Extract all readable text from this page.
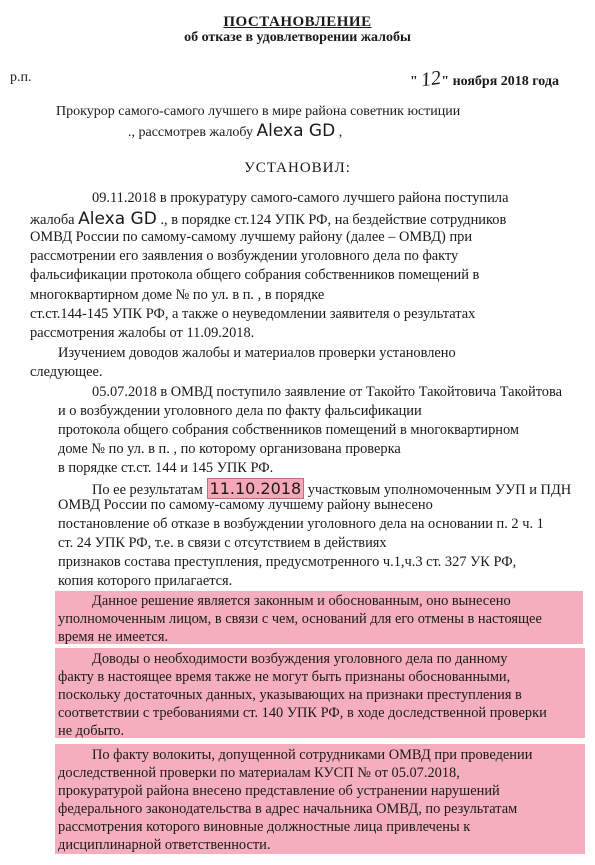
ПОСТАНОВЛЕНИЕ
об отказе в удовлетворении жалобы
р.п.	" 12" ноября 2018 года
Прокурор самого-самого лучшего в мире района советник юстиции
., рассмотрев жалобу Alexa GD ,
УСТАНОВИЛ:
09.11.2018 в прокуратуру самого-самого лучшего района поступила
жалоба Alexa GD ., в порядке ст.124 УПК РФ, на бездействие сотрудников
ОМВД России по самому-самому лучшему району (далее – ОМВД) при
рассмотрении его заявления о возбуждении уголовного дела по факту
фальсификации протокола общего собрания собственников помещений в
многоквартирном доме № по ул. в п. , в порядке
ст.ст.144-145 УПК РФ, а также о неуведомлении заявителя о результатах
рассмотрения жалобы от 11.09.2018.
Изучением доводов жалобы и материалов проверки установлено
следующее.
05.07.2018 в ОМВД поступило заявление от Такойто Такойтовича Такойтова
и о возбуждении уголовного дела по факту фальсификации
протокола общего собрания собственников помещений в многоквартирном
доме № по ул. в п. , по которому организована проверка
в порядке ст.ст. 144 и 145 УПК РФ.
По ее результатам 11.10.2018 участковым уполномоченным УУП и ПДН
ОМВД России по самому-самому лучшему району вынесено
постановление об отказе в возбуждении уголовного дела на основании п. 2 ч. 1
ст. 24 УПК РФ, т.е. в связи с отсутствием в действиях
признаков состава преступления, предусмотренного ч.1,ч.3 ст. 327 УК РФ,
копия которого прилагается.
Данное решение является законным и обоснованным, оно вынесено
уполномоченным лицом, в связи с чем, оснований для его отмены в настоящее
время не имеется.
Доводы о необходимости возбуждения уголовного дела по данному
факту в настоящее время также не могут быть признаны обоснованными,
поскольку достаточных данных, указывающих на признаки преступления в
соответствии с требованиями ст. 140 УПК РФ, в ходе доследственной проверки
не добыто.
По факту волокиты, допущенной сотрудниками ОМВД при проведении
доследственной проверки по материалам КУСП № от 05.07.2018,
прокуратурой района внесено представление об устранении нарушений
федерального законодательства в адрес начальника ОМВД, по результатам
рассмотрения которого виновные должностные лица привлечены к
дисциплинарной ответственности.
